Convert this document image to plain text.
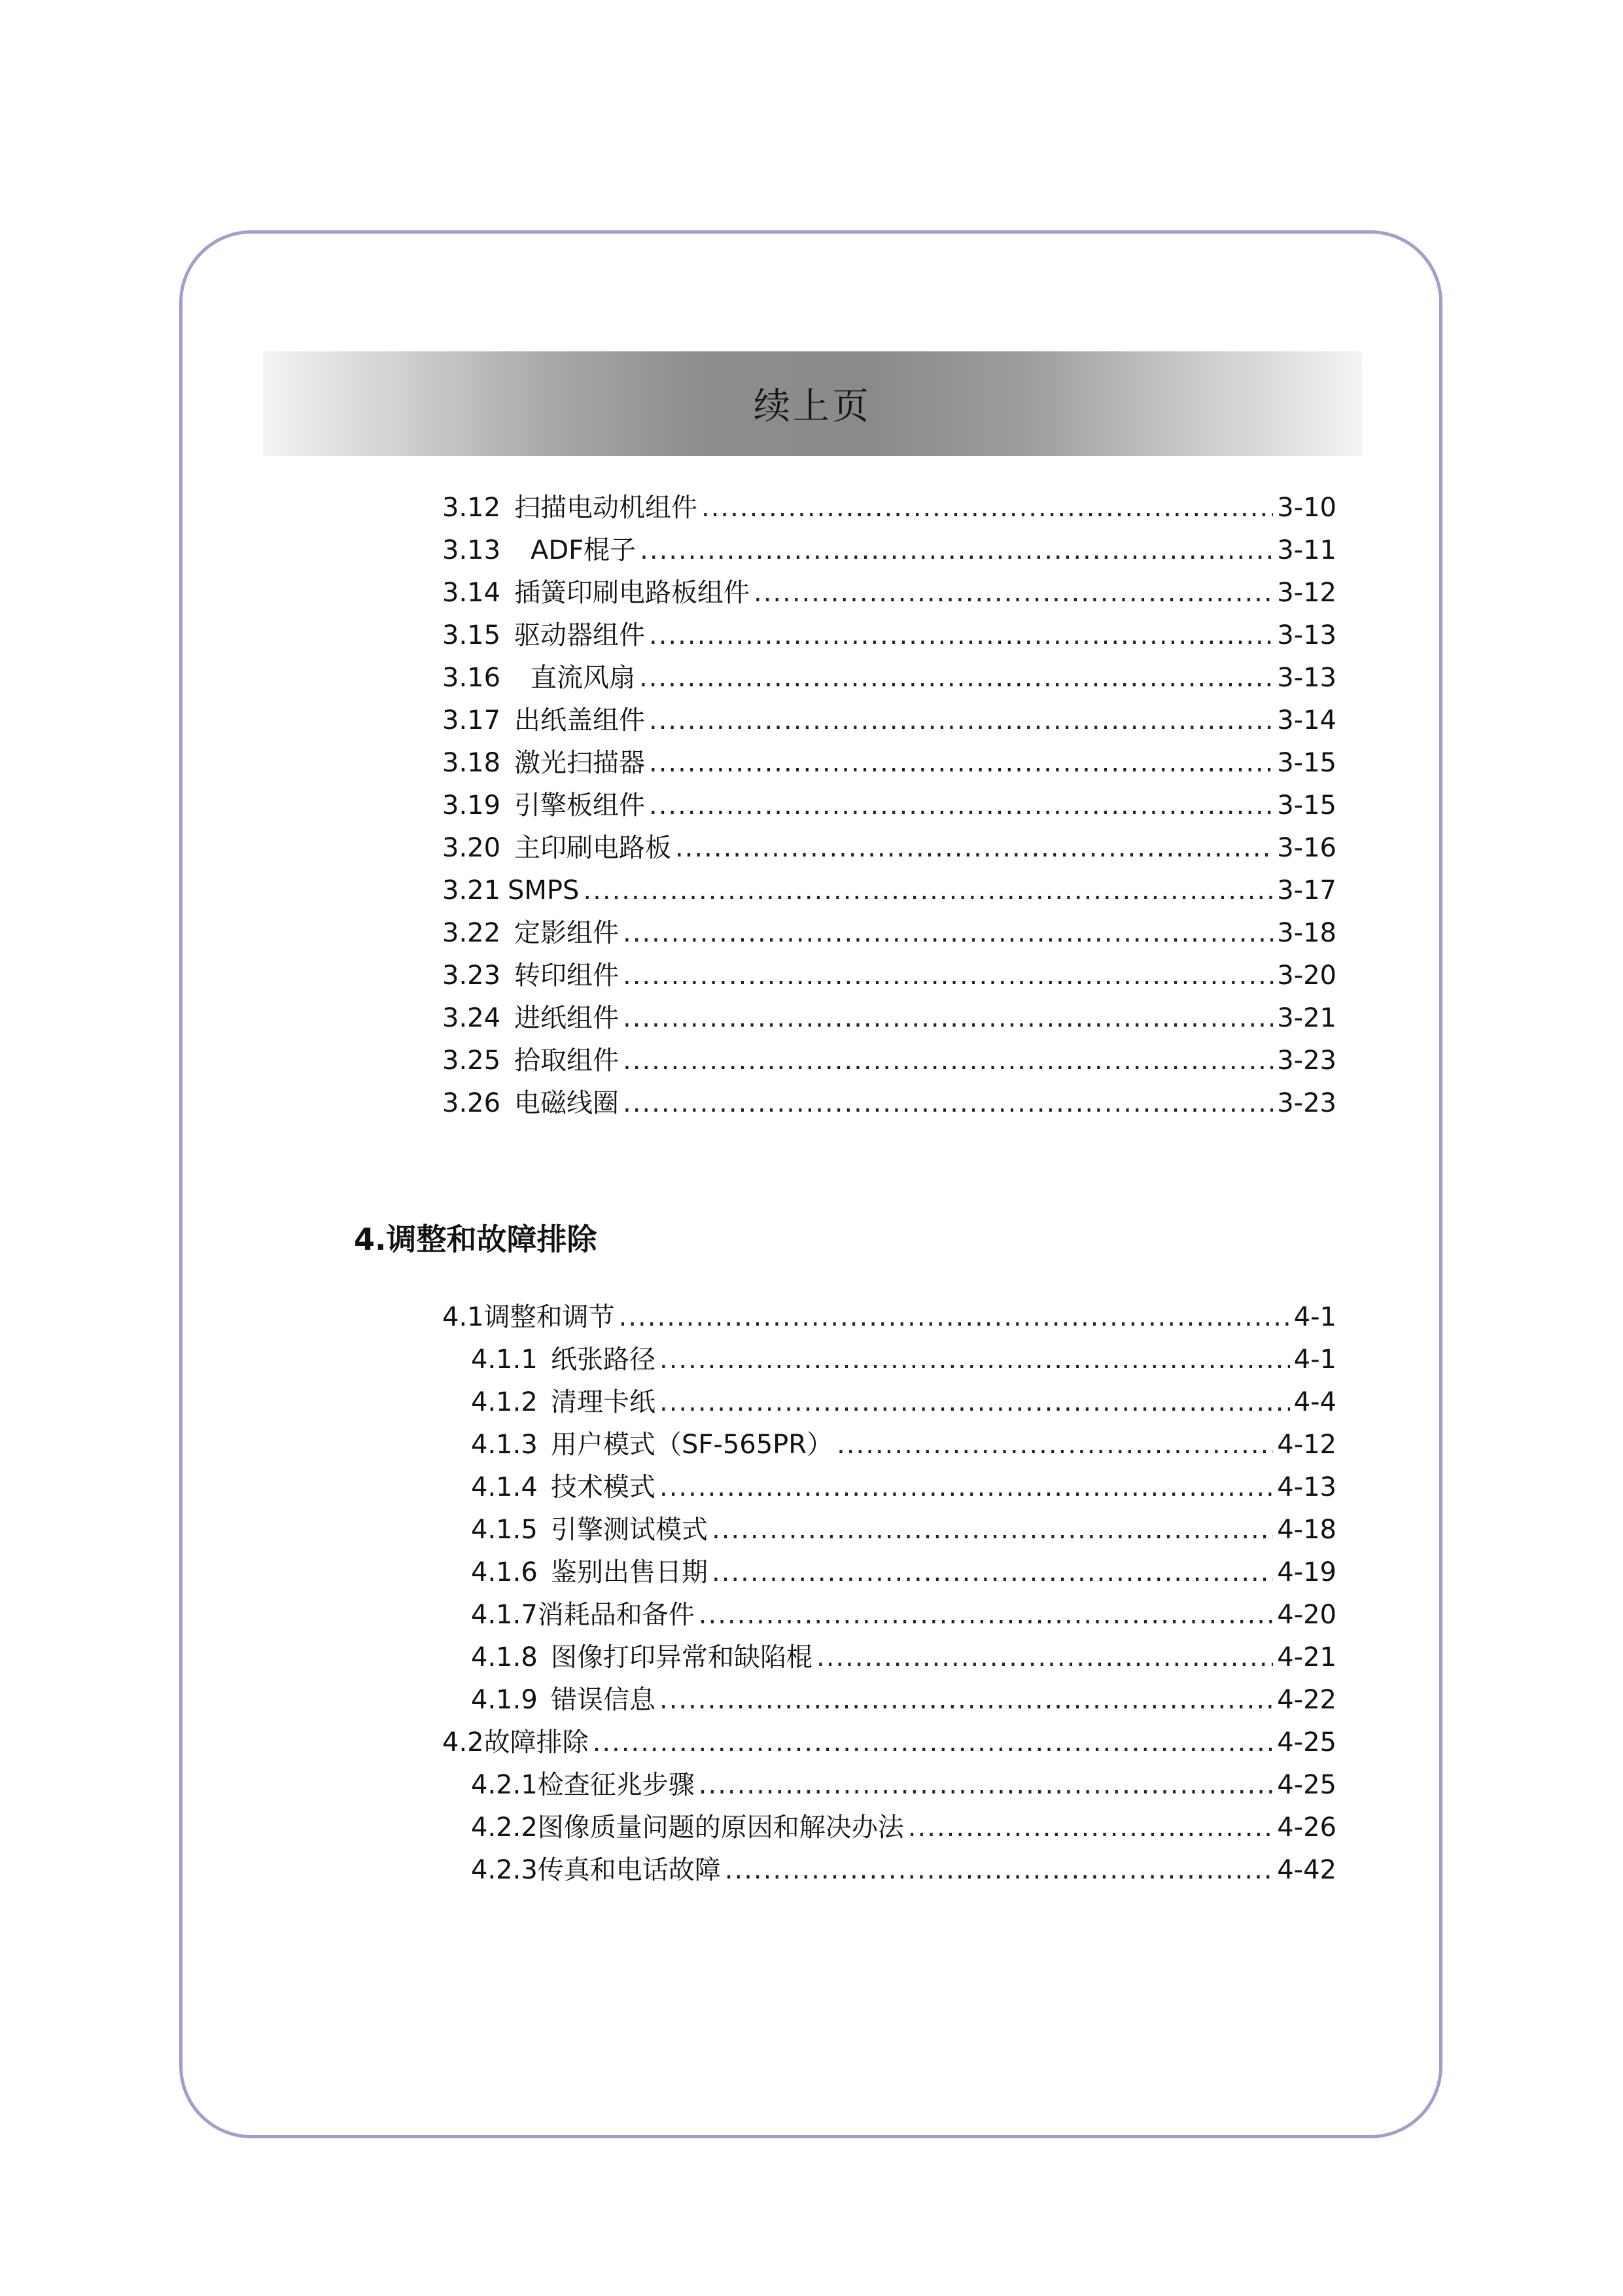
续上页
4.调整和故障排除
3.12 扫描电动机组件 .....	3-10
3.13	ADF棍子 .....	3-11
3.14 插簧印刷电路板组件 .....	3-12
3.15 驱动器组件 .....	3-13
3.16	直流风扇 .....	3-13
3.17 出纸盖组件 .....	3-14
3.18 激光扫描器 .....	3-15
3.19 引擎板组件 .....	3-15
3.20 主印刷电路板 .....	3-16
3.21 SMPS .....	3-17
3.22 定影组件 .....	3-18
3.23 转印组件 .....	3-20
3.24 进纸组件 .....	3-21
3.25 拾取组件 .....	3-23
3.26 电磁线圈 .....	3-23
4.1 调整和调节 .....	4-1
4.1.1 纸张路径 .....	4-1
4.1.2 清理卡纸 .....	4-4
4.1.3 用户模式（SF-565PR） .....	4-12
4.1.4 技术模式 .....	4-13
4.1.5 引擎测试模式 .....	4-18
4.1.6 鉴别出售日期 .....	4-19
4.1.7 消耗品和备件 .....	4-20
4.1.8 图像打印异常和缺陷棍 .....	4-21
4.1.9 错误信息 .....	4-22
4.2 故障排除 .....	4-25
4.2.1 检查征兆步骤 .....	4-25
4.2.2 图像质量问题的原因和解决办法 .....	4-26
4.2.3 传真和电话故障 .....	4-42
